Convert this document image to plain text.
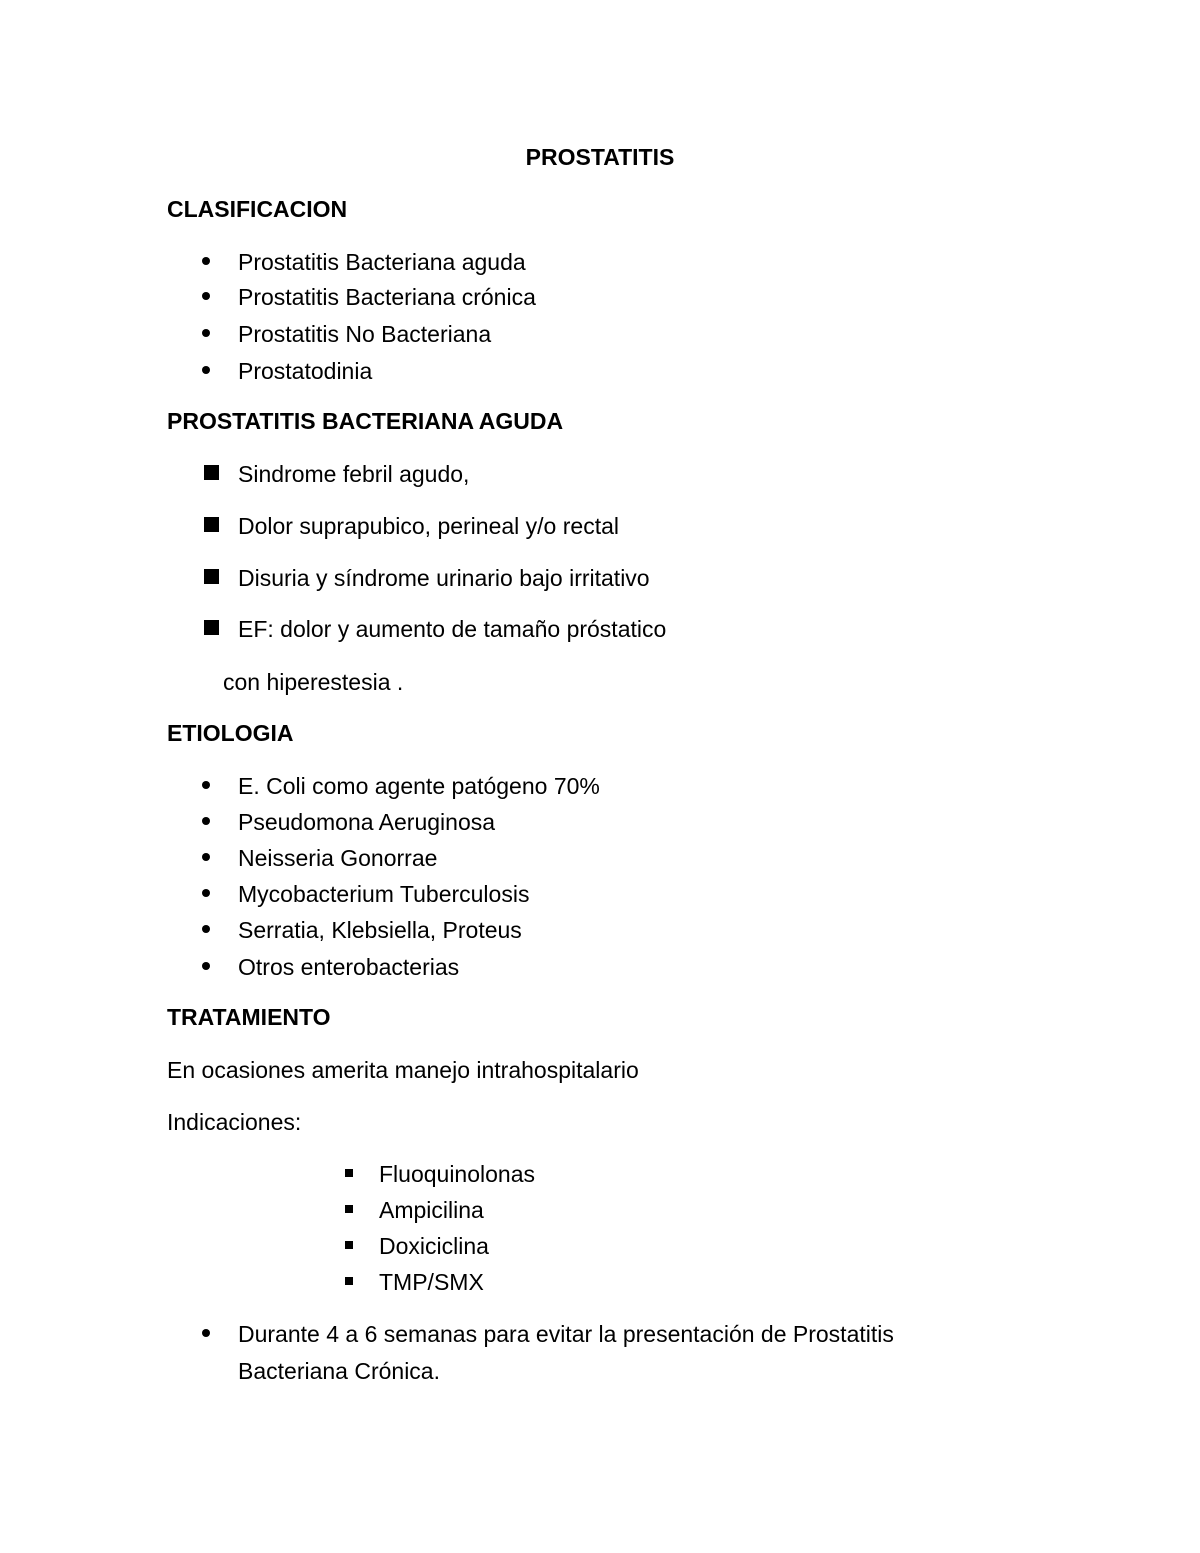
PROSTATITIS
CLASIFICACION
Prostatitis Bacteriana aguda
Prostatitis Bacteriana crónica
Prostatitis No Bacteriana
Prostatodinia
PROSTATITIS BACTERIANA AGUDA
Sindrome febril agudo,
Dolor suprapubico, perineal y/o rectal
Disuria y síndrome urinario bajo irritativo
EF: dolor y aumento de tamaño próstatico
con hiperestesia .
ETIOLOGIA
E. Coli como agente patógeno 70%
Pseudomona Aeruginosa
Neisseria Gonorrae
Mycobacterium Tuberculosis
Serratia, Klebsiella, Proteus
Otros enterobacterias
TRATAMIENTO
En ocasiones amerita manejo intrahospitalario
Indicaciones:
Fluoquinolonas
Ampicilina
Doxiciclina
TMP/SMX
Durante 4 a 6 semanas para evitar la presentación de Prostatitis
Bacteriana Crónica.
